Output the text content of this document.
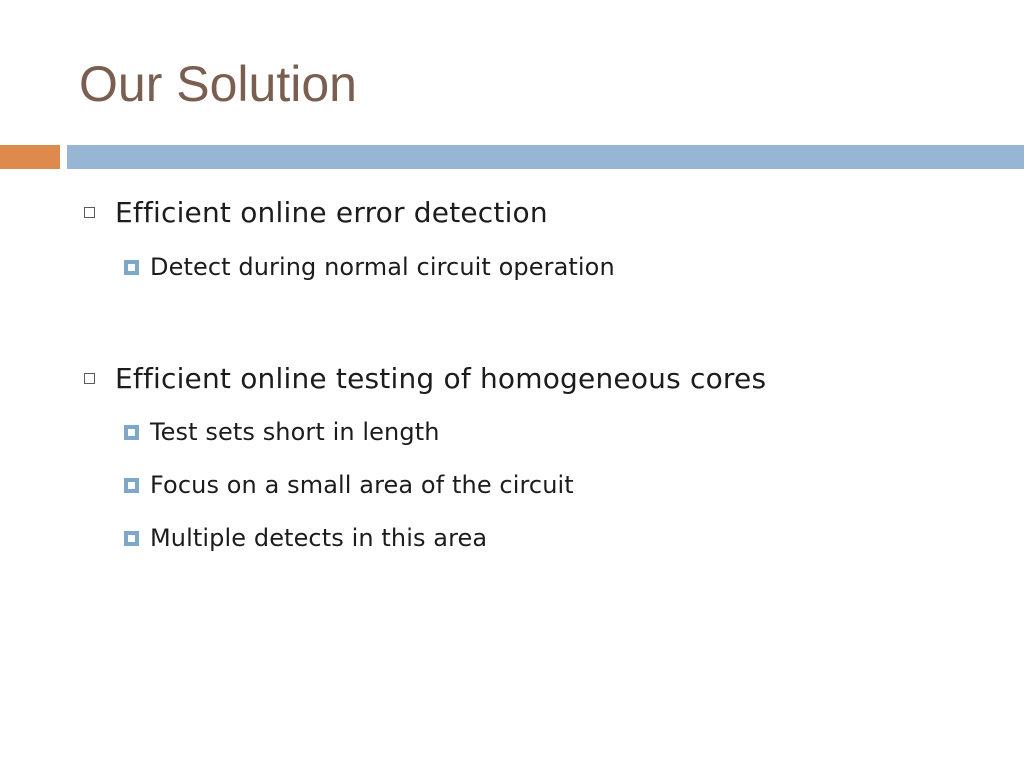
Our Solution
Efficient online error detection
Detect during normal circuit operation
Efficient online testing of homogeneous cores
Test sets short in length
Focus on a small area of the circuit
Multiple detects in this area
